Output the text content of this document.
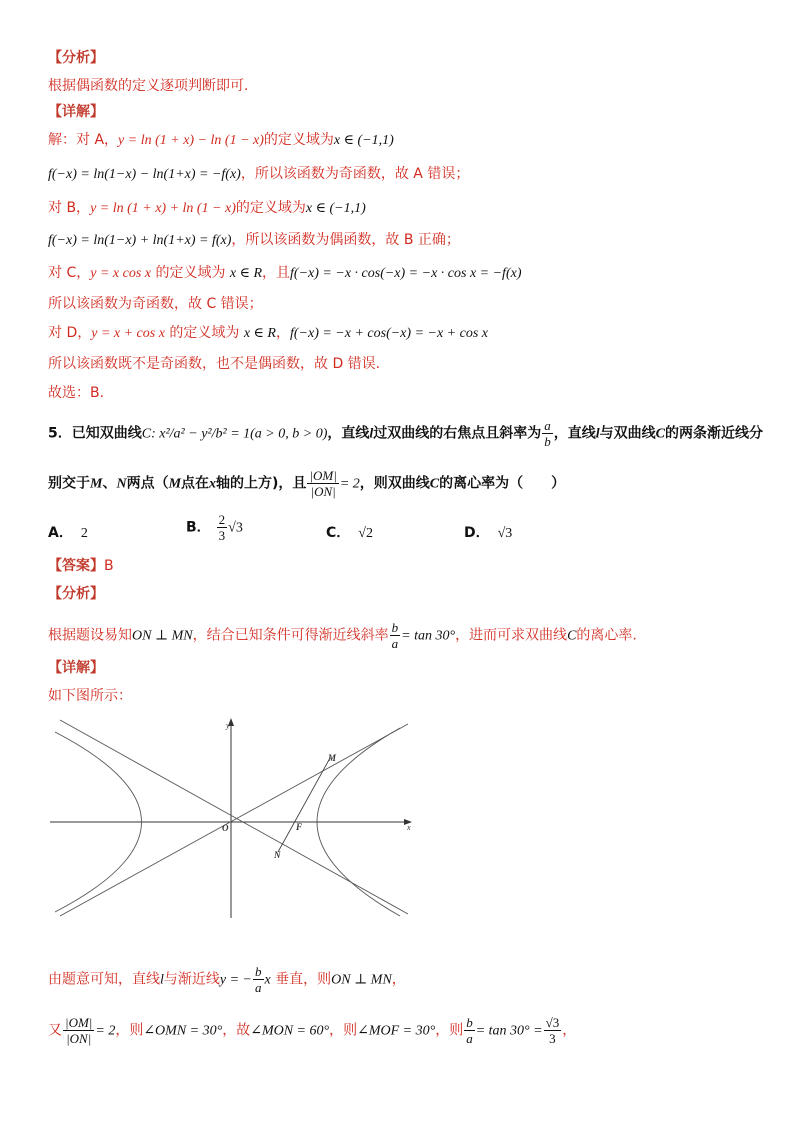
【分析】
根据偶函数的定义逐项判断即可.
【详解】
解：对 A，y = ln (1 + x) − ln (1 − x)的定义域为x ∈ (−1,1)
f(−x) = ln(1−x) − ln(1+x) = −f(x)，所以该函数为奇函数，故 A 错误；
对 B，y = ln (1 + x) + ln (1 − x)的定义域为x ∈ (−1,1)
f(−x) = ln(1−x) + ln(1+x) = f(x)，所以该函数为偶函数，故 B 正确；
对 C，y = x cos x 的定义域为 x ∈ R，且f(−x) = −x · cos(−x) = −x · cos x = −f(x)
所以该函数为奇函数，故 C 错误；
对 D，y = x + cos x 的定义域为 x ∈ R，f(−x) = −x + cos(−x) = −x + cos x
所以该函数既不是奇函数，也不是偶函数，故 D 错误.
故选：B.
5．已知双曲线C: x²/a² − y²/b² = 1(a > 0, b > 0)，直线l过双曲线的右焦点且斜率为 $\frac{a}{b}$ ，直线l与双曲线C的两条渐近线分
别交于M、N两点（M点在x轴的上方)，且 $\frac{|OM|}{|ON|} = 2$，则双曲线C的离心率为（　　）
A． 2	B． $\frac{2}{3} √3$	C． √2	D． √3
【答案】B
【分析】
根据题设易知ON ⊥ MN，结合已知条件可得渐近线斜率 $\frac{b}{a} = \tan 30^\circ$，进而可求双曲线C的离心率.
【详解】
如下图所示：
y
x
O	F
M
N
由题意可知，直线l与渐近线y = − $\frac{b}{a}$ x 垂直，则ON ⊥ MN，
又 $\frac{|OM|}{|ON|} = 2$，则∠OMN = 30°，故∠MON = 60°，则∠MOF = 30°，则 $\frac{b}{a} = \tan 30^\circ = \frac{√3}{3}$ ，
